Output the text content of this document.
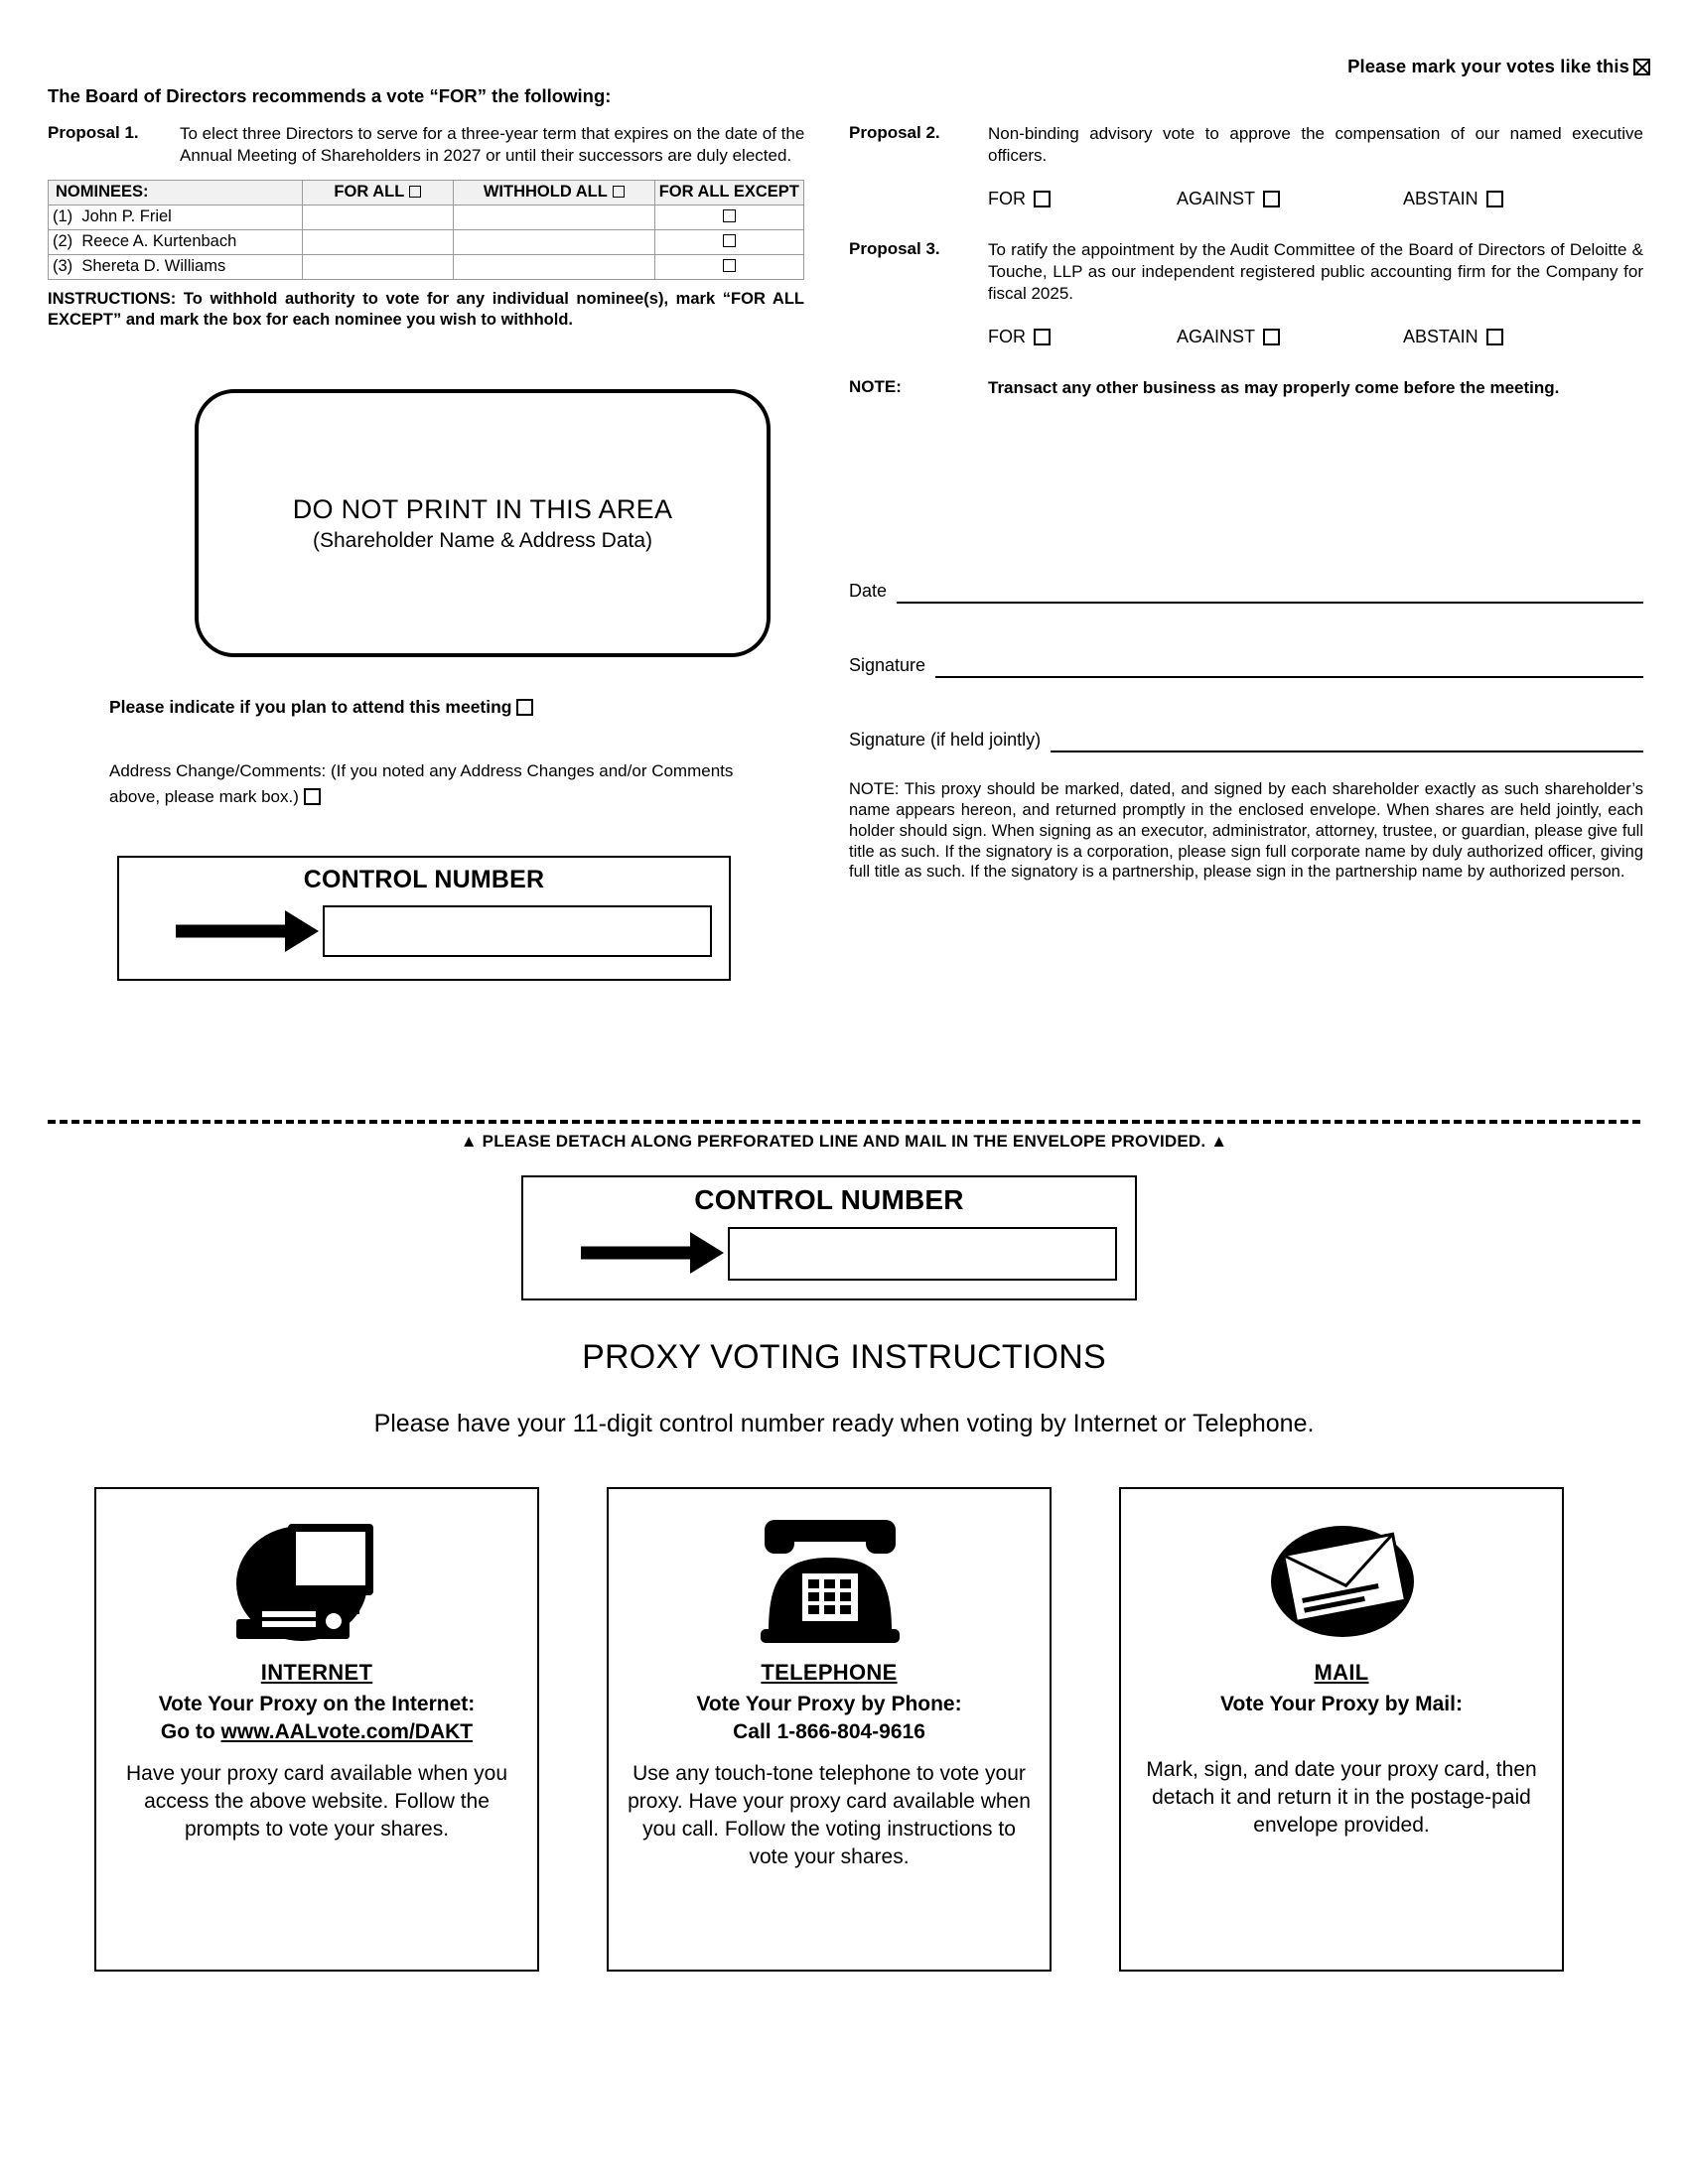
Please mark your votes like this
The Board of Directors recommends a vote “FOR” the following:
Proposal 1.	To elect three Directors to serve for a three-year term that expires on the date of the Annual Meeting of Shareholders in 2027 or until their successors are duly elected.
NOMINEES:	FOR ALL	WITHHOLD ALL	FOR ALL EXCEPT
(1) John P. Friel			
(2) Reece A. Kurtenbach			
(3) Shereta D. Williams			
INSTRUCTIONS: To withhold authority to vote for any individual nominee(s), mark “FOR ALL EXCEPT” and mark the box for each nominee you wish to withhold.
DO NOT PRINT IN THIS AREA
(Shareholder Name & Address Data)
Please indicate if you plan to attend this meeting
Address Change/Comments: (If you noted any Address Changes and/or Comments above, please mark box.)
CONTROL NUMBER
Proposal 2.	Non-binding advisory vote to approve the compensation of our named executive officers.
FOR	AGAINST	ABSTAIN
Proposal 3.	To ratify the appointment by the Audit Committee of the Board of Directors of Deloitte & Touche, LLP as our independent registered public accounting firm for the Company for fiscal 2025.
FOR	AGAINST	ABSTAIN
NOTE:	Transact any other business as may properly come before the meeting.
Date
Signature
Signature (if held jointly)
NOTE: This proxy should be marked, dated, and signed by each shareholder exactly as such shareholder’s name appears hereon, and returned promptly in the enclosed envelope. When shares are held jointly, each holder should sign. When signing as an executor, administrator, attorney, trustee, or guardian, please give full title as such. If the signatory is a corporation, please sign full corporate name by duly authorized officer, giving full title as such. If the signatory is a partnership, please sign in the partnership name by authorized person.
▲ PLEASE DETACH ALONG PERFORATED LINE AND MAIL IN THE ENVELOPE PROVIDED. ▲
CONTROL NUMBER
PROXY VOTING INSTRUCTIONS
Please have your 11-digit control number ready when voting by Internet or Telephone.
INTERNET
Vote Your Proxy on the Internet:
Go to www.AALvote.com/DAKT
Have your proxy card available when you access the above website. Follow the prompts to vote your shares.
TELEPHONE
Vote Your Proxy by Phone:
Call 1-866-804-9616
Use any touch-tone telephone to vote your proxy. Have your proxy card available when you call. Follow the voting instructions to vote your shares.
MAIL
Vote Your Proxy by Mail:
Mark, sign, and date your proxy card, then detach it and return it in the postage-paid envelope provided.
